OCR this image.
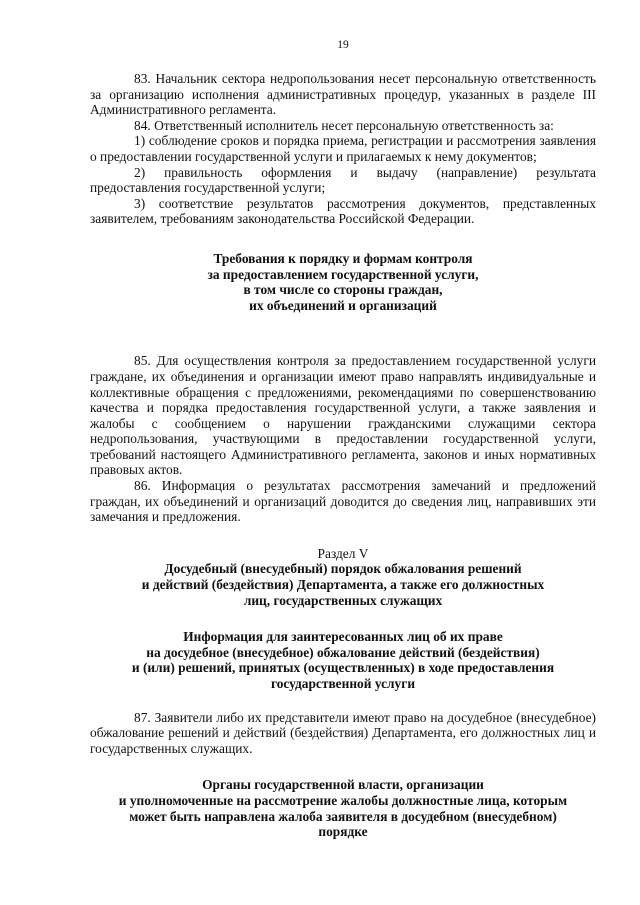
19

83. Начальник сектора недропользования несет персональную ответственность за организацию исполнения административных процедур, указанных в разделе III Административного регламента.

84. Ответственный исполнитель несет персональную ответственность за:

1) соблюдение сроков и порядка приема, регистрации и рассмотрения заявления о предоставлении государственной услуги и прилагаемых к нему документов;

2) правильность оформления и выдачу (направление) результата предоставления государственной услуги;

3) соответствие результатов рассмотрения документов, представленных заявителем, требованиям законодательства Российской Федерации.

Требования к порядку и формам контроля
за предоставлением государственной услуги,
в том числе со стороны граждан,
их объединений и организаций

85. Для осуществления контроля за предоставлением государственной услуги граждане, их объединения и организации имеют право направлять индивидуальные и коллективные обращения с предложениями, рекомендациями по совершенствованию качества и порядка предоставления государственной услуги, а также заявления и жалобы с сообщением о нарушении гражданскими служащими сектора недропользования, участвующими в предоставлении государственной услуги, требований настоящего Административного регламента, законов и иных нормативных правовых актов.

86. Информация о результатах рассмотрения замечаний и предложений граждан, их объединений и организаций доводится до сведения лиц, направивших эти замечания и предложения.

Раздел V
Досудебный (внесудебный) порядок обжалования решений
и действий (бездействия) Департамента, а также его должностных
лиц, государственных служащих
Информация для заинтересованных лиц об их праве
на досудебное (внесудебное) обжалование действий (бездействия)
и (или) решений, принятых (осуществленных) в ходе предоставления
государственной услуги

87. Заявители либо их представители имеют право на досудебное (внесудебное) обжалование решений и действий (бездействия) Департамента, его должностных лиц и государственных служащих.

Органы государственной власти, организации
и уполномоченные на рассмотрение жалобы должностные лица, которым
может быть направлена жалоба заявителя в досудебном (внесудебном)
порядке
